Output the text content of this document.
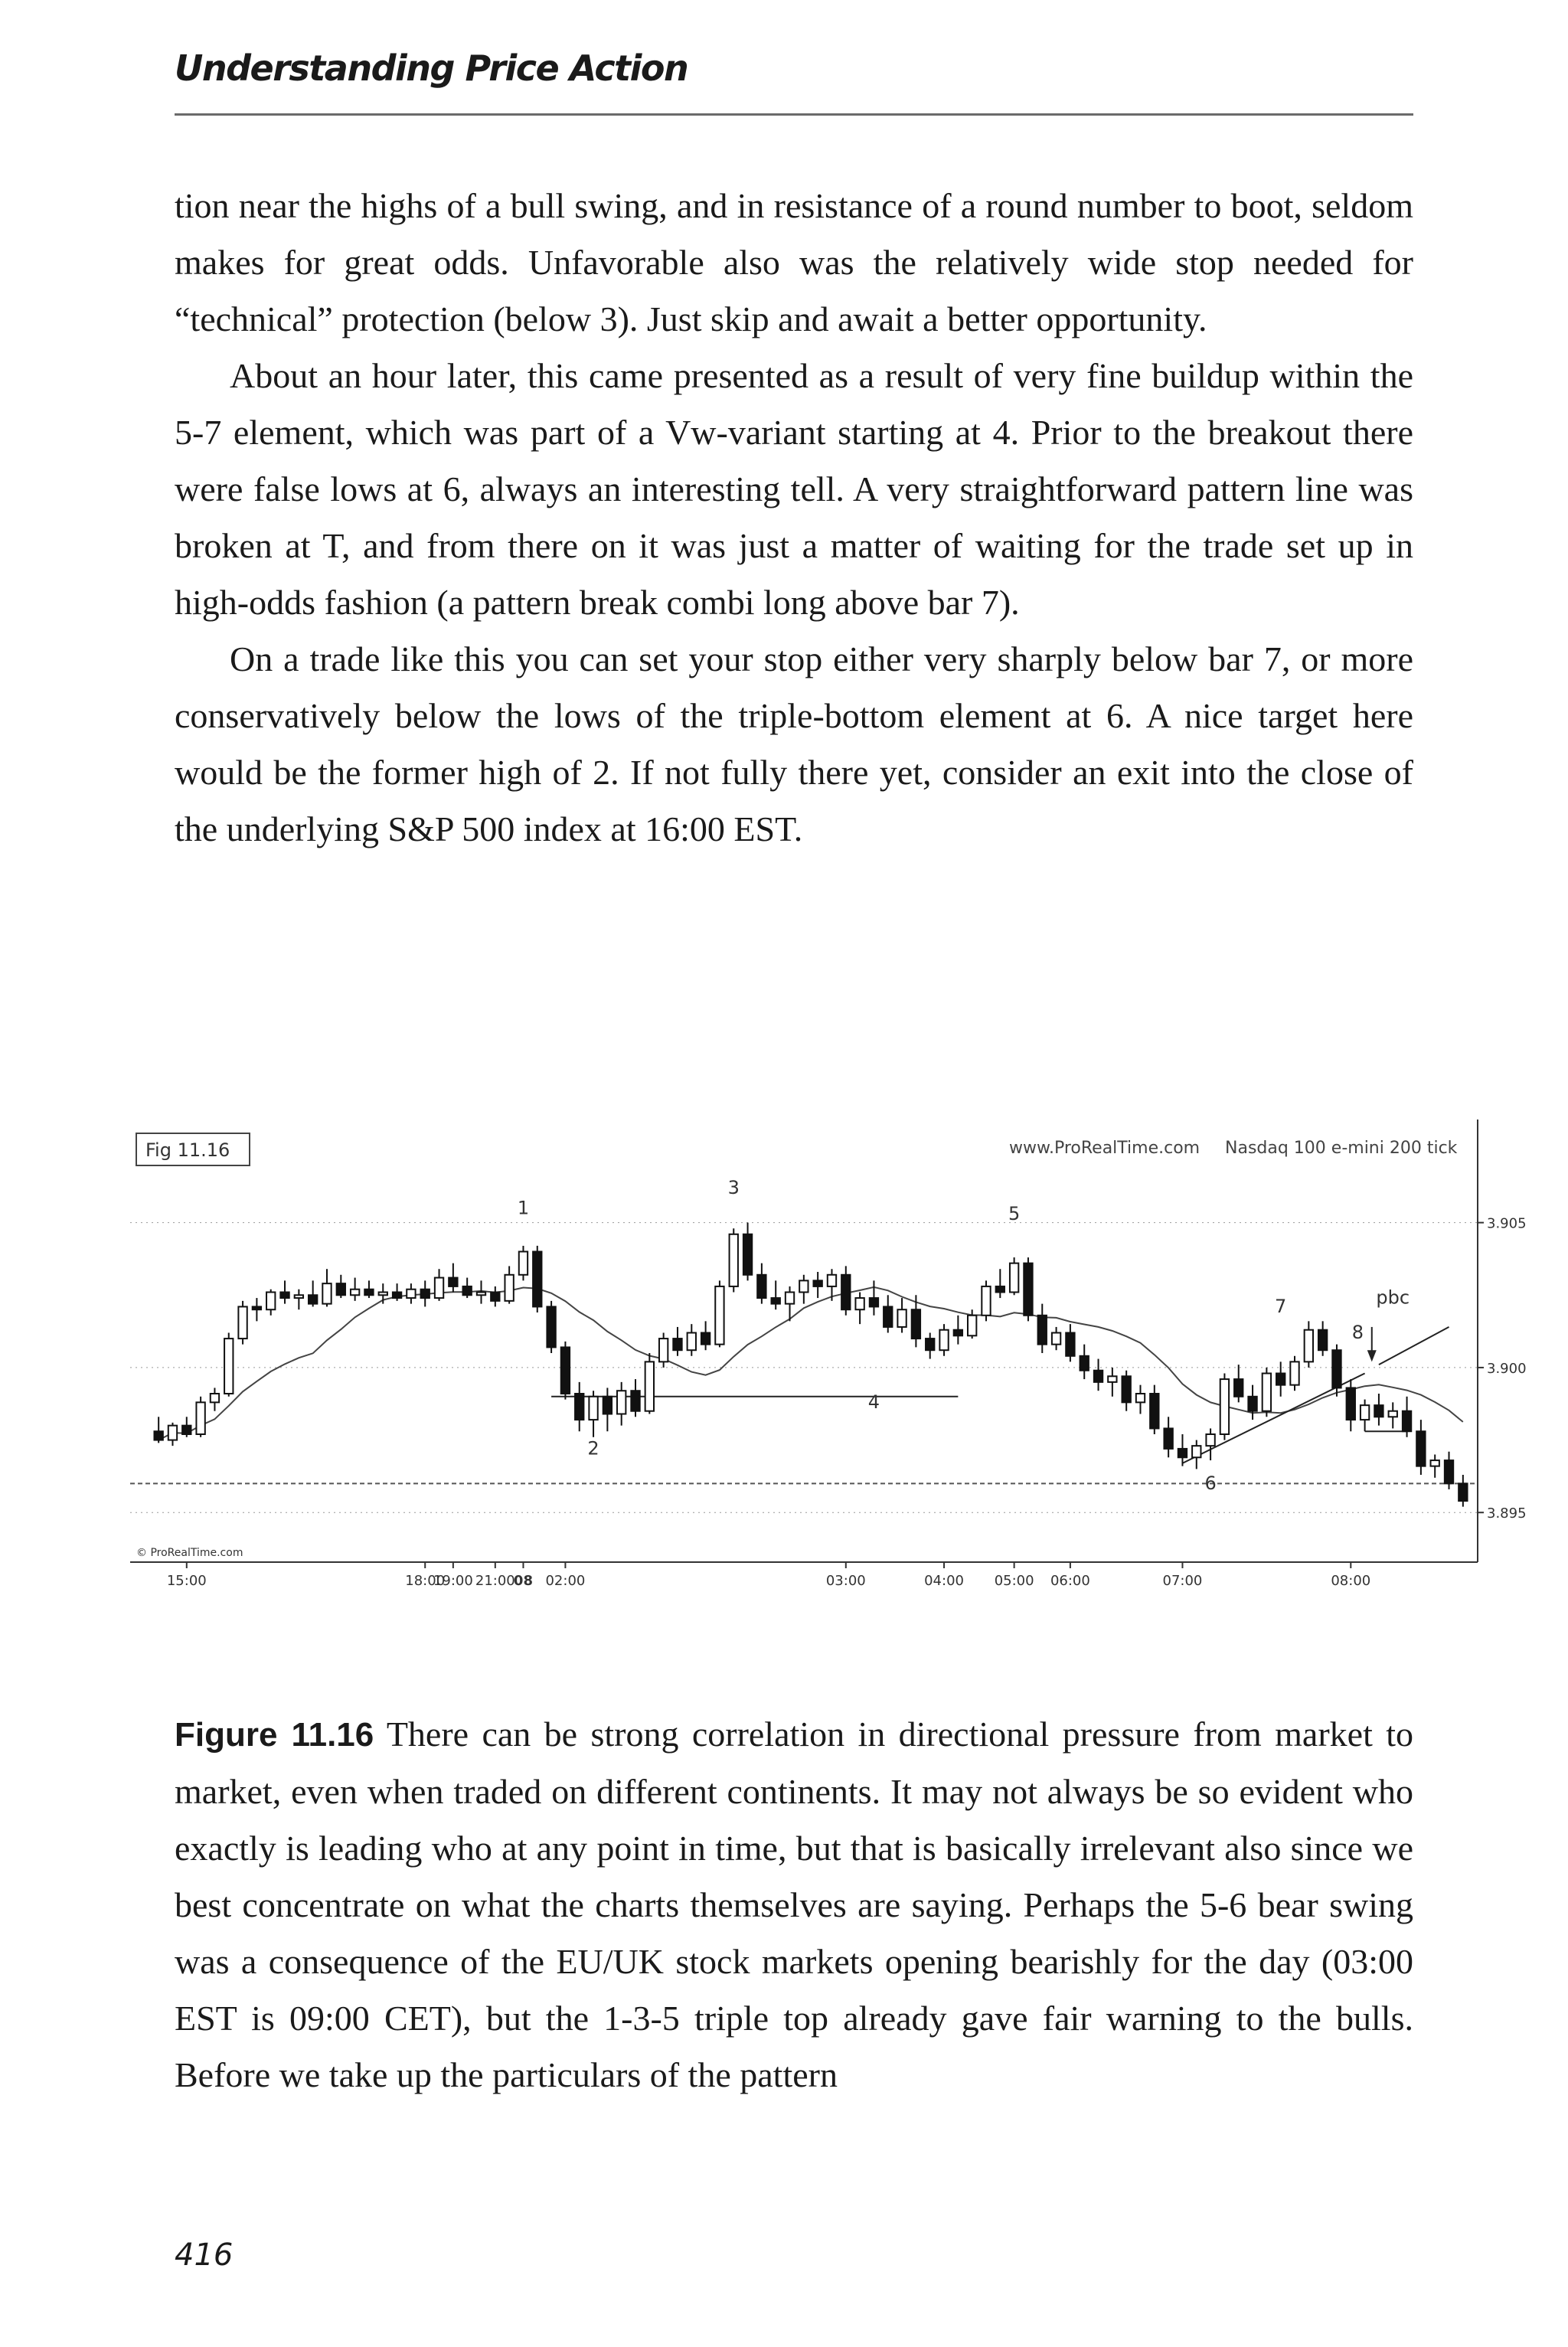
Understanding Price Action

tion near the highs of a bull swing, and in resistance of a round number to boot, seldom makes for great odds. Unfavorable also was the relatively wide stop needed for “technical” protection (below 3). Just skip and await a better opportunity.

About an hour later, this came presented as a result of very fine buildup within the 5-7 element, which was part of a Vw-variant starting at 4. Prior to the breakout there were false lows at 6, always an interesting tell. A very straightforward pattern line was broken at T, and from there on it was just a matter of waiting for the trade set up in high-odds fashion (a pattern break combi long above bar 7).

On a trade like this you can set your stop either very sharply below bar 7, or more conservatively below the lows of the triple-bottom element at 6. A nice target here would be the former high of 2. If not fully there yet, consider an exit into the close of the underlying S&P 500 index at 16:00 EST.

Fig 11.16	www.ProRealTime.com Nasdaq 100 e-mini 200 tick
© ProRealTime.com
1
2
3
4
5
6
7
8
pbc
3.905
3.900
3.895
15:00	18:00
19:00 21:00
08 02:00	03:00	04:00 05:00 06:00	07:00	08:00
Figure 11.16 There can be strong correlation in directional pressure from market to market, even when traded on different continents. It may not always be so evident who exactly is leading who at any point in time, but that is basically irrelevant also since we best concentrate on what the charts themselves are saying. Perhaps the 5-6 bear swing was a consequence of the EU/UK stock markets opening bearishly for the day (03:00 EST is 09:00 CET), but the 1-3-5 triple top already gave fair warning to the bulls. Before we take up the particulars of the pattern
416
